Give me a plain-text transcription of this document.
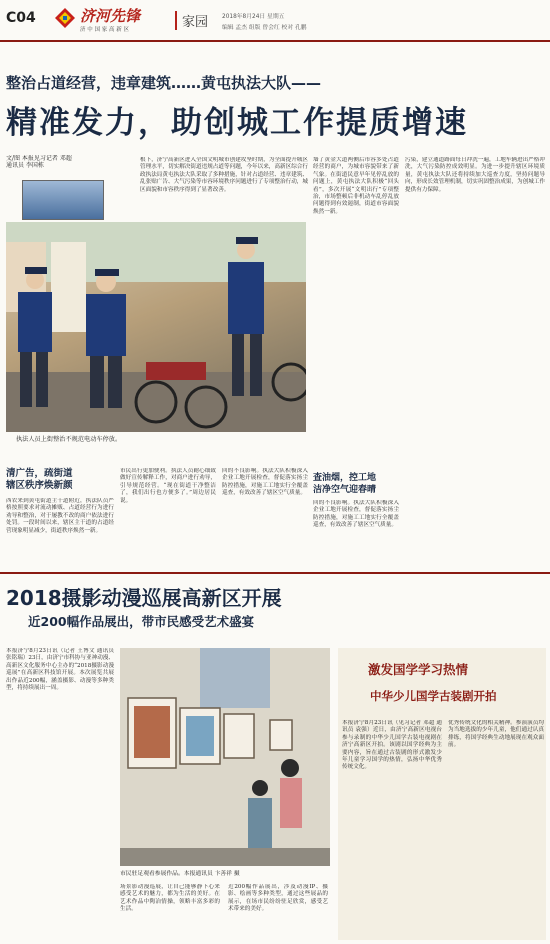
C04	济河先锋
济 中 国 家 高 新 区	家园 2018年8月24日 星期五
编辑 孟杰 组版 曾会红 校对 孔鹏
整治占道经营，违章建筑……黄屯执法大队——
精准发力，助创城工作提质增速
文/图 本报见习记者 邓超
通讯员 李国栋
执法人员上街整治不规范电动车停放。
根下，济宁高新区进入全国文明城市创建攻坚时期，为全面提升城区管理水平，切实解决街道违规占道等问题，今年以来，高新区综合行政执法局黄屯执法大队采取了多种措施，针对占道经营、违章建筑、乱张贴广告、大气污染等市容环境秩序问题进行了专项整治行动，城区面貌和市容秩序得到了显著改善。
墙了黄金大道两侧后市容多处占道经营的商户，为城市容貌带来了新气象。在街道民意早年见停乱放的问题上，黄屯执法大队积极“回头看”，多次开展“文明出行”专项整治，市场整顿后非机动车乱停乱放问题得到有效遏制，街道市容面貌焕然一新。
查油烟，控工地
洁净空气迎春晴
回的不良影响。执法大队积极深入企业工地开展检查，督促落实扬尘防控措施，对施工工地实行全覆盖巡查，有效改善了辖区空气质量。
污染，建立通道路面每日冲洗一遍，工地车辆进出严格冲洗，大气污染防控成效明显。为进一步提升辖区环境质量，黄屯执法大队还将持续加大巡查力度，坚持问题导向，形成长效管理机制，切实巩固整治成果，为创城工作提供有力保障。
清广告，疏街道
辖区秩序焕新颜
西农来到黄屯街道主干道附近，执法队员严格按照要求对流动摊贩、占道经营行为进行劝导和整治，对于屡教不改的商户依法进行处罚。一段时间以来，辖区主干道的占道经营现象明显减少，街道秩序焕然一新。
市民出行更加便利。执法人员耐心细致做好宣传解释工作，对商户进行劝导，引导规范经营。“现在街道干净整洁了，我们出行也方便多了。”周边居民说。
回的不良影响。执法大队积极深入企业工地开展检查，督促落实扬尘防控措施，对施工工地实行全覆盖巡查，有效改善了辖区空气质量。
2018摄影动漫巡展高新区开展
近200幅作品展出，带市民感受艺术盛宴
本报济宁8月23日讯（记者 王博文 通讯员 张铭瑞）23日，由济宁市科协与亚神动漫、高新区文化服务中心主办的“2018摄影动漫巡展”在高新区科技馆开展。本次展览共展出作品近200幅，涵盖摄影、动漫等多种类型，将持续展出一周。
市民驻足观看参展作品。本报通讯员 卞善祥 摄
场景影动漫巡展，让自己能够静下心来感受艺术的魅力，都为生活的美好。在艺术作品中陶冶情操，领略丰富多彩的生活。
近200幅作品展出，涉及动漫IP、摄影、绘画等多种类型，通过这些展品的展示，在场市民纷纷驻足欣赏，感受艺术带来的美好。
激发国学学习热情
中华少儿国学古装剧开拍
本报济宁8月23日讯（见习记者 邓超 通讯员 袁强）近日，由济宁高新区电视台参与录制的中华少儿国学古装电视剧在济宁高新区开拍。该剧以国学经典为主要内容，旨在通过古装剧的形式激发少年儿童学习国学的热情，弘扬中华优秀传统文化。
优秀传统文化的相关精神。参演演员均为当地选拔的少年儿童，他们通过认真排练，将国学经典生动地展现在观众面前。
